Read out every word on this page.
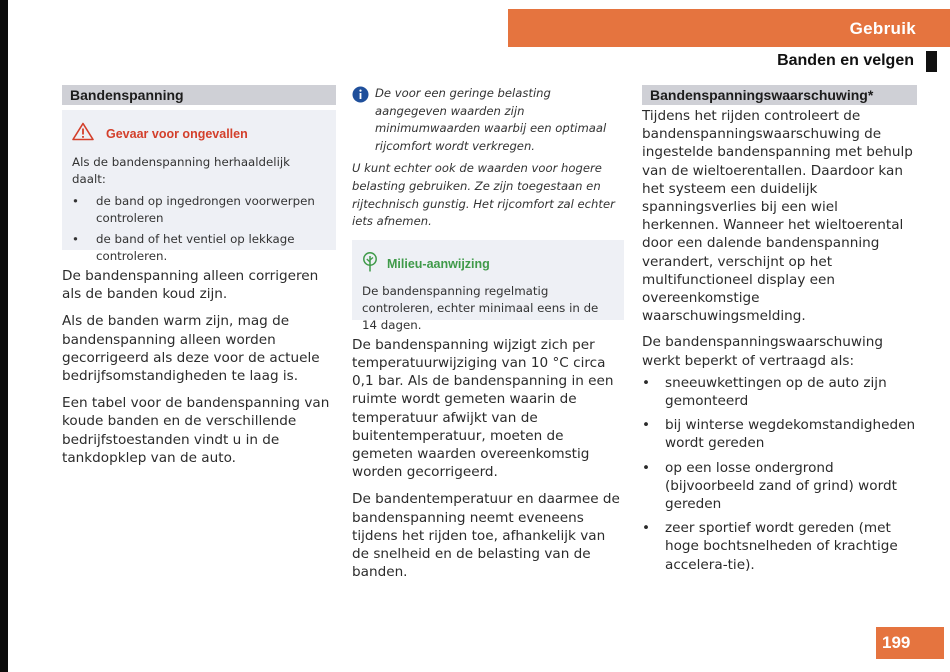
Gebruik
Banden en velgen
Bandenspanning
Gevaar voor ongevallen
Als de bandenspanning herhaaldelijk daalt:
• de band op ingedrongen voorwerpen controleren
• de band of het ventiel op lekkage controleren.

De bandenspanning alleen corrigeren als de banden koud zijn.

Als de banden warm zijn, mag de bandenspanning alleen worden gecorrigeerd als deze voor de actuele bedrijfsomstandigheden te laag is.

Een tabel voor de bandenspanning van koude banden en de verschillende bedrijfstoestanden vindt u in de tankdopklep van de auto.

De voor een geringe belasting aangegeven waarden zijn minimumwaarden waarbij een optimaal rijcomfort wordt verkregen.

U kunt echter ook de waarden voor hogere belasting gebruiken. Ze zijn toegestaan en rijtechnisch gunstig. Het rijcomfort zal echter iets afnemen.

Milieu-aanwijzing
De bandenspanning regelmatig controleren, echter minimaal eens in de 14 dagen.

De bandenspanning wijzigt zich per temperatuurwijziging van 10 °C circa 0,1 bar. Als de bandenspanning in een ruimte wordt gemeten waarin de temperatuur afwijkt van de buitentemperatuur, moeten de gemeten waarden overeenkomstig worden gecorrigeerd.

De bandentemperatuur en daarmee de bandenspanning neemt eveneens tijdens het rijden toe, afhankelijk van de snelheid en de belasting van de banden.

Bandenspanningswaarschuwing*

Tijdens het rijden controleert de bandenspanningswaarschuwing de ingestelde bandenspanning met behulp van de wieltoerentallen. Daardoor kan het systeem een duidelijk spanningsverlies bij een wiel herkennen. Wanneer het wieltoerental door een dalende bandenspanning verandert, verschijnt op het multifunctioneel display een overeenkomstige waarschuwingsmelding.

De bandenspanningswaarschuwing werkt beperkt of vertraagd als:

• sneeuwkettingen op de auto zijn gemonteerd
• bij winterse wegdekomstandigheden wordt gereden
• op een losse ondergrond (bijvoorbeeld zand of grind) wordt gereden
• zeer sportief wordt gereden (met hoge bochtsnelheden of krachtige accelera-tie).
199
